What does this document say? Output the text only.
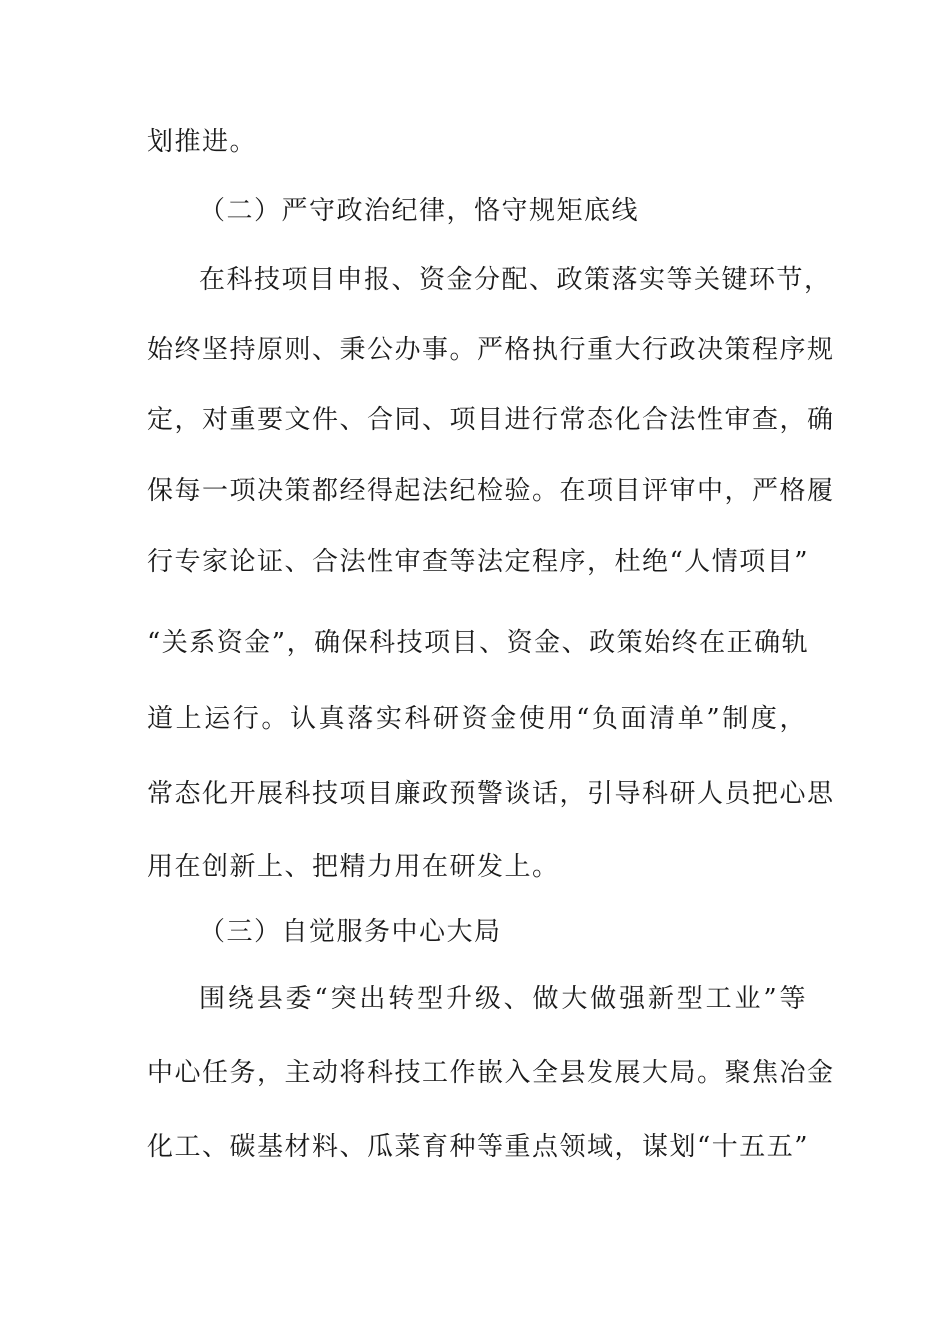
划推进。
（二）严守政治纪律，恪守规矩底线
在科技项目申报、资金分配、政策落实等关键环节，
始终坚持原则、秉公办事。严格执行重大行政决策程序规
定，对重要文件、合同、项目进行常态化合法性审查，确
保每一项决策都经得起法纪检验。在项目评审中，严格履
行专家论证、合法性审查等法定程序，杜绝“人情项目”
“关系资金”，确保科技项目、资金、政策始终在正确轨
道上运行。认真落实科研资金使用“负面清单”制度，
常态化开展科技项目廉政预警谈话，引导科研人员把心思
用在创新上、把精力用在研发上。
（三）自觉服务中心大局
围绕县委“突出转型升级、做大做强新型工业”等
中心任务，主动将科技工作嵌入全县发展大局。聚焦冶金
化工、碳基材料、瓜菜育种等重点领域，谋划“十五五”
